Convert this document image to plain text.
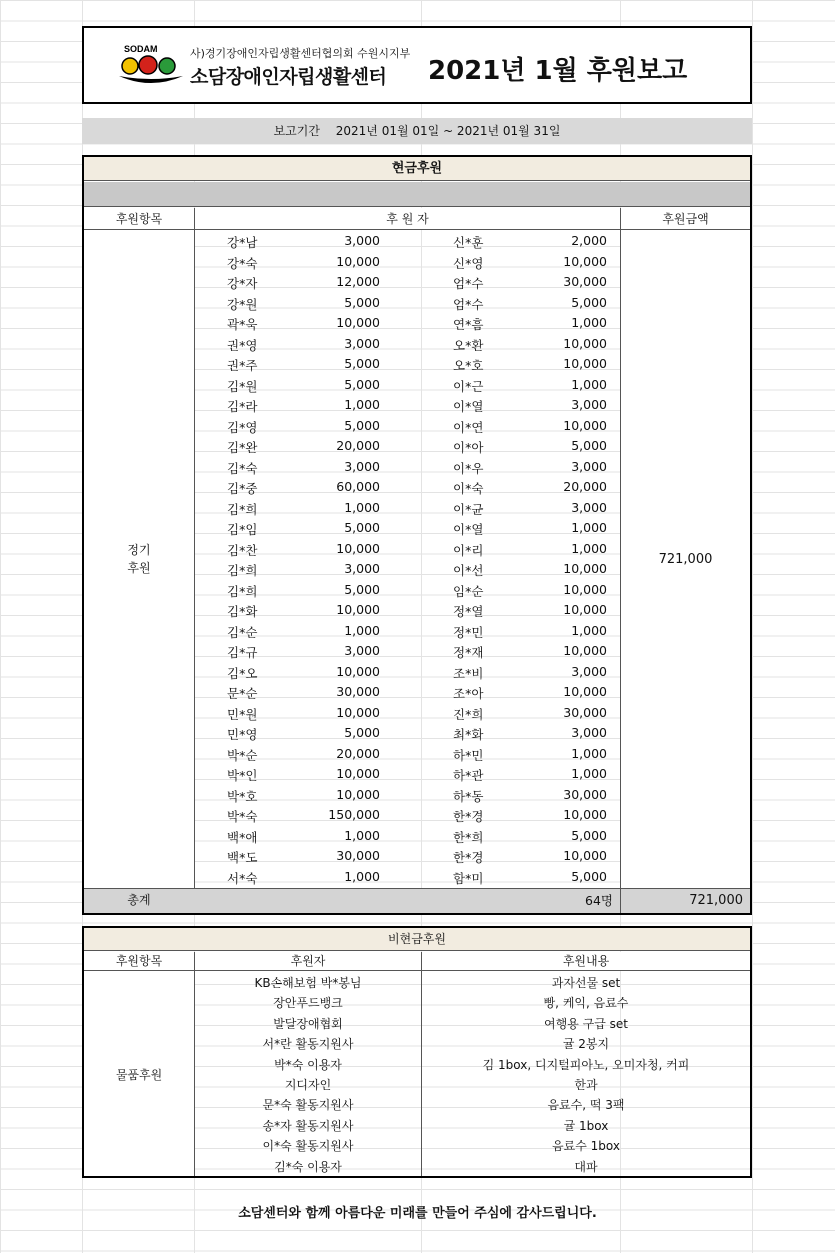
SODAM	사)경기장애인자립생활센터협의회 수원시지부
소담장애인자립생활센터 2021년 1월 후원보고
보고기간 2021년 01월 01일 ~ 2021년 01월 31일
현금후원
후원항목	후 원 자	후원금액
정기
후원
721,000
강*남	3,000	신*훈	2,000
강*숙	10,000	신*영	10,000
강*자	12,000	엄*수	30,000
강*원	5,000	엄*수	5,000
곽*욱	10,000	연*흠	1,000
권*영	3,000	오*환	10,000
권*주	5,000	오*호	10,000
김*원	5,000	이*근	1,000
김*라	1,000	이*열	3,000
김*영	5,000	이*연	10,000
김*완	20,000	이*아	5,000
김*숙	3,000	이*우	3,000
김*중	60,000	이*숙	20,000
김*희	1,000	이*균	3,000
김*임	5,000	이*열	1,000
김*찬	10,000	이*리	1,000
김*희	3,000	이*선	10,000
김*희	5,000	임*순	10,000
김*화	10,000	정*열	10,000
김*순	1,000	정*민	1,000
김*규	3,000	정*재	10,000
김*오	10,000	조*비	3,000
문*순	30,000	조*아	10,000
민*원	10,000	진*희	30,000
민*영	5,000	최*화	3,000
박*순	20,000	하*민	1,000
박*인	10,000	하*관	1,000
박*호	10,000	하*동	30,000
박*숙	150,000	한*경	10,000
백*애	1,000	한*희	5,000
백*도	30,000	한*경	10,000
서*숙	1,000	함*미	5,000
총계	64명	721,000
비현금후원
후원항목	후원자	후원내용
물품후원
KB손해보험 박*봉님	과자선물 set
장안푸드뱅크	빵, 케익, 음료수
발달장애협회	여행용 구급 set
서*란 활동지원사	귤 2봉지
박*숙 이용자	김 1box, 디지털피아노, 오미자청, 커피
지디자인	한과
문*숙 활동지원사	음료수, 떡 3팩
송*자 활동지원사	귤 1box
이*숙 활동지원사	음료수 1box
김*숙 이용자	대파
소담센터와 함께 아름다운 미래를 만들어 주심에 감사드립니다.
